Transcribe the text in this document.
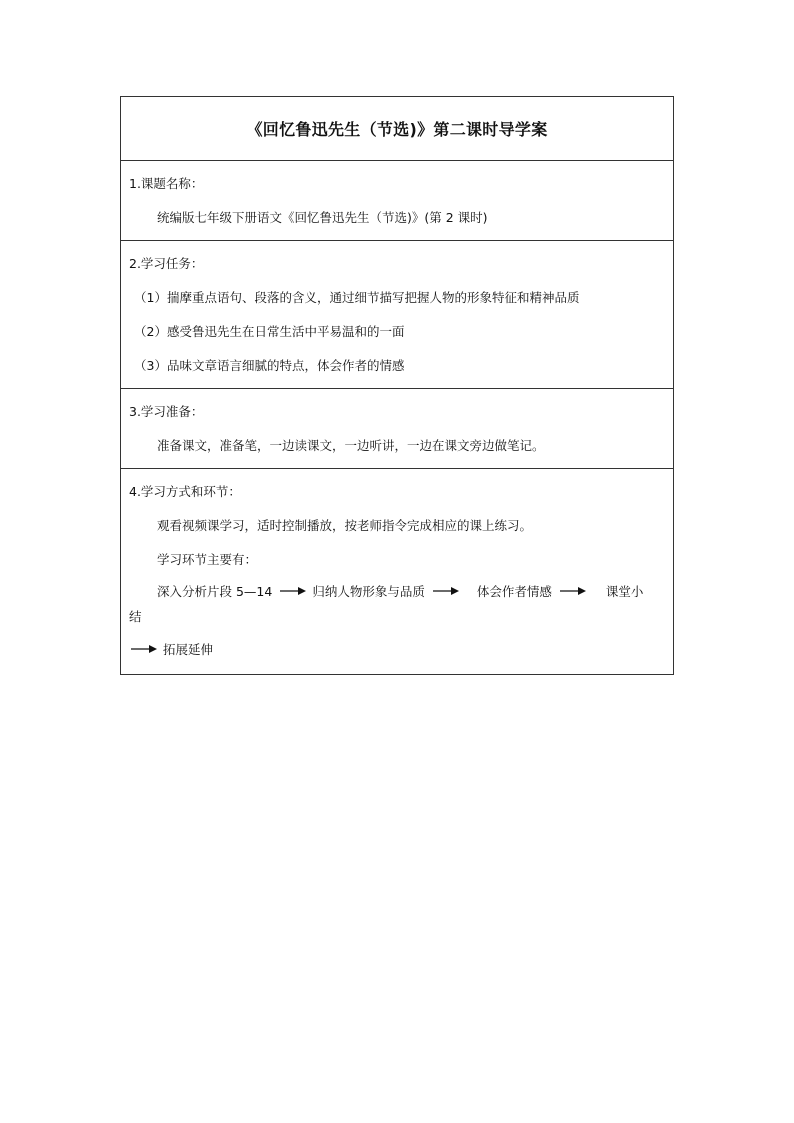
《回忆鲁迅先生（节选)》第二课时导学案
1.课题名称：
统编版七年级下册语文《回忆鲁迅先生（节选)》(第 2 课时)
2.学习任务：
（1）揣摩重点语句、段落的含义，通过细节描写把握人物的形象特征和精神品质
（2）感受鲁迅先生在日常生活中平易温和的一面
（3）品味文章语言细腻的特点，体会作者的情感
3.学习准备：
准备课文，准备笔，一边读课文，一边听讲，一边在课文旁边做笔记。
4.学习方式和环节：
观看视频课学习，适时控制播放，按老师指令完成相应的课上练习。
学习环节主要有：
深入分析片段 5—14	归纳人物形象与品质	体会作者情感	课堂小
结
拓展延伸
